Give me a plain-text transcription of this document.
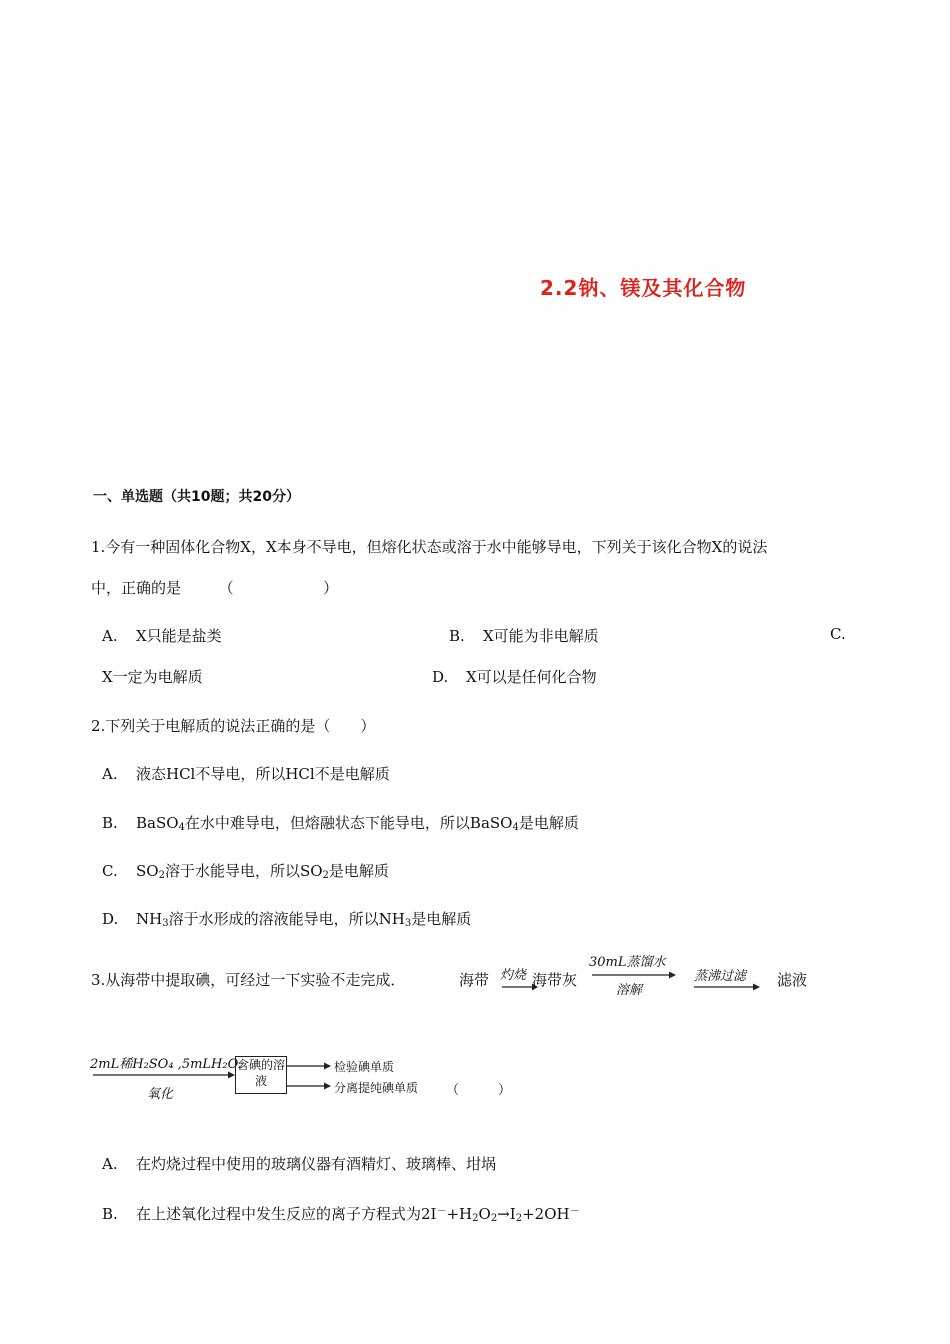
2.2钠、镁及其化合物
一、单选题（共10题；共20分）
1.今有一种固体化合物X，X本身不导电，但熔化状态或溶于水中能够导电，下列关于该化合物X的说法
中，正确的是	（	）
A. X只能是盐类	B. X可能为非电解质	C.
X一定为电解质	D. X可以是任何化合物
2.下列关于电解质的说法正确的是（　　）
A. 液态HCl不导电，所以HCl不是电解质
B. BaSO$_4$在水中难导电，但熔融状态下能导电，所以BaSO$_4$是电解质
C. $SO_2$溶于水能导电，所以$SO_2$是电解质
D. $NH_3$溶于水形成的溶液能导电，所以$NH_3$是电解质
3.从海带中提取碘，可经过一下实验不走完成．	海带 灼烧 海带灰
30mL蒸馏水
溶解
蒸沸过滤 滤液
2mL稀H₂SO₄ ,5mLH₂O₂
氧化
含碘的溶液
检验碘单质
分离提纯碘单质 （　　　）
A. 在灼烧过程中使用的玻璃仪器有酒精灯、玻璃棒、坩埚
B. 在上述氧化过程中发生反应的离子方程式为$2I^-+H_2O_2\to I_2+2OH^-$
